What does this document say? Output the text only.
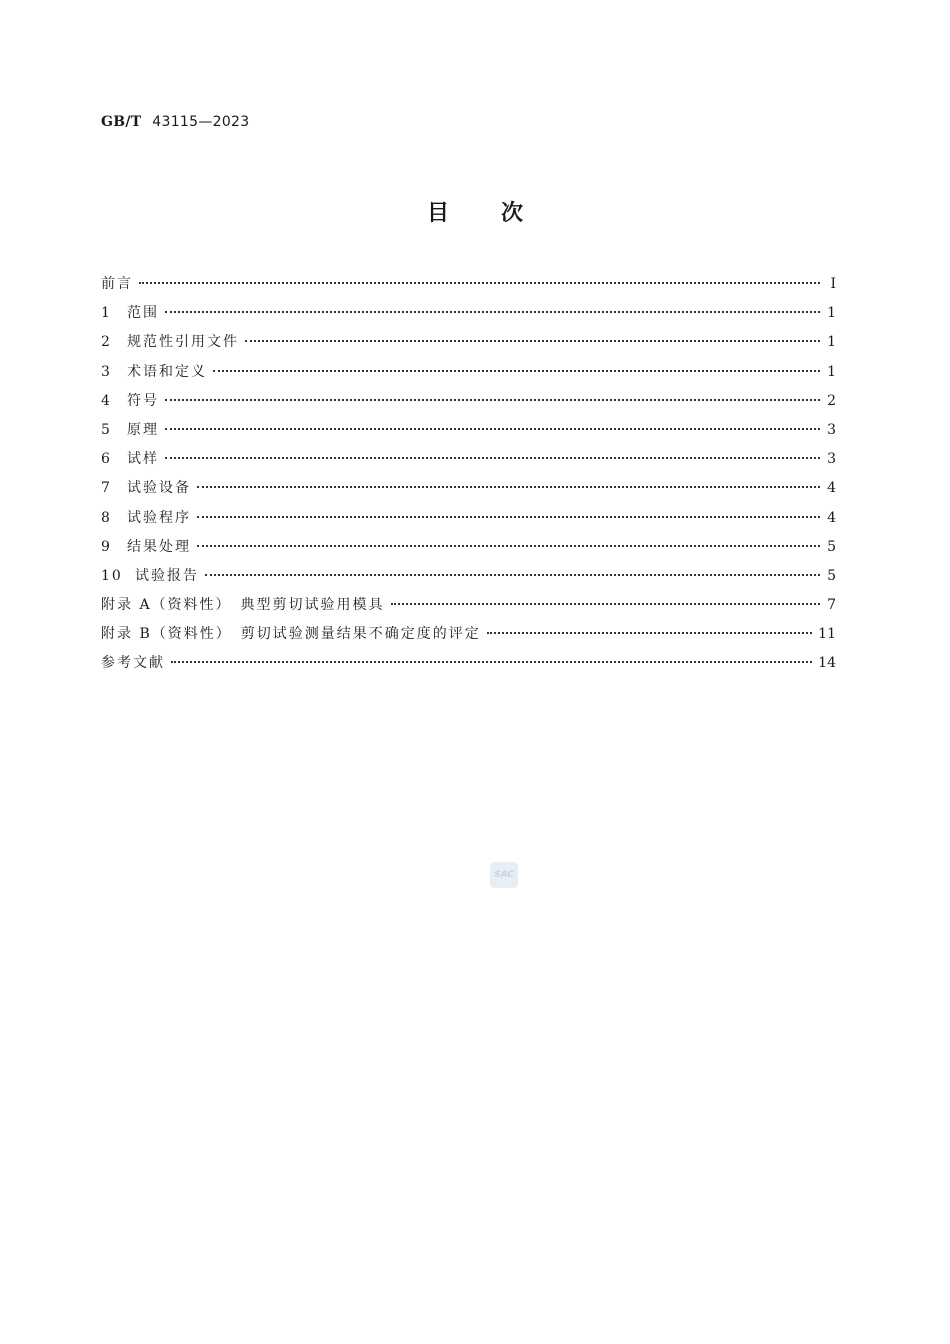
GB/T 43115—2023
目 次
前言	Ⅰ
1 范围	1
2 规范性引用文件	1
3 术语和定义	1
4 符号	2
5 原理	3
6 试样	3
7 试验设备	4
8 试验程序	4
9 结果处理	5
10 试验报告	5
附录 A（资料性）　典型剪切试验用模具	7
附录 B（资料性）　剪切试验测量结果不确定度的评定	11
参考文献	14
SAC
